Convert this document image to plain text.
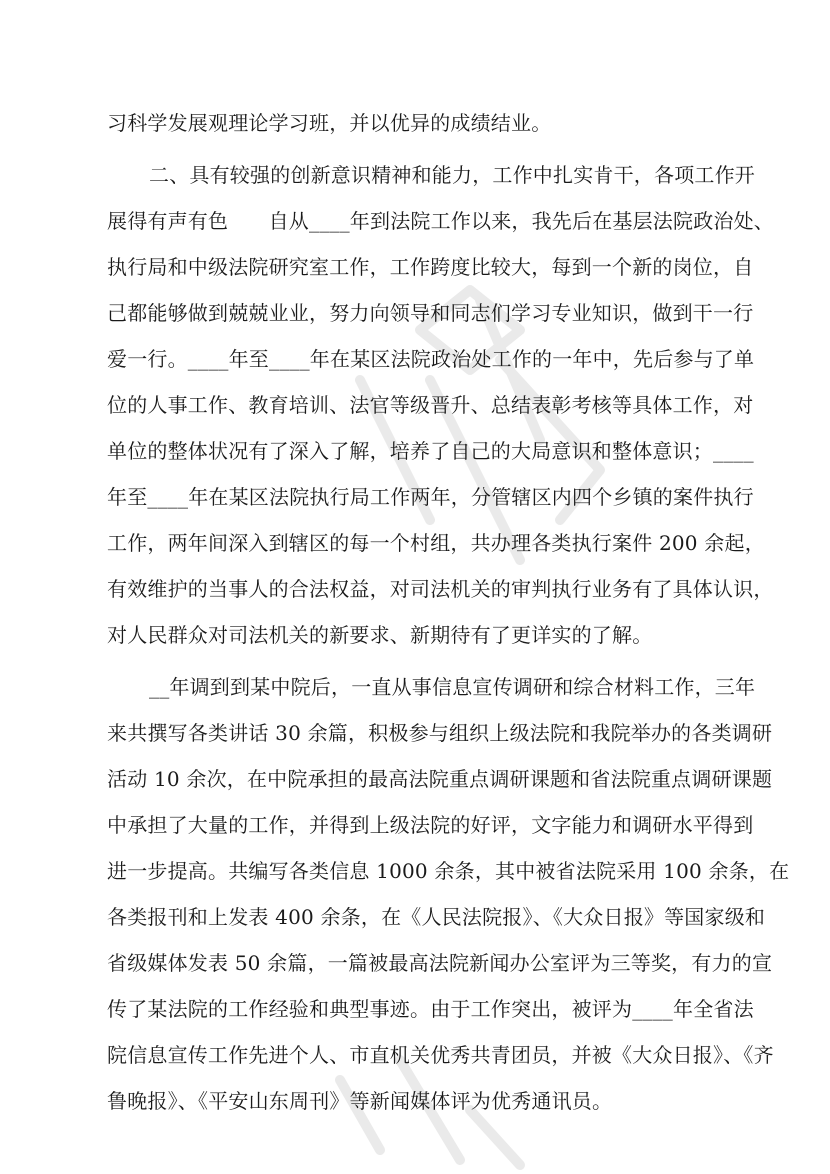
习科学发展观理论学习班，并以优异的成绩结业。
二、具有较强的创新意识精神和能力，工作中扎实肯干，各项工作开
展得有声有色　　自从____年到法院工作以来，我先后在基层法院政治处、
执行局和中级法院研究室工作，工作跨度比较大，每到一个新的岗位，自
己都能够做到兢兢业业，努力向领导和同志们学习专业知识，做到干一行
爱一行。____年至____年在某区法院政治处工作的一年中，先后参与了单
位的人事工作、教育培训、法官等级晋升、总结表彰考核等具体工作，对
单位的整体状况有了深入了解，培养了自己的大局意识和整体意识；____
年至____年在某区法院执行局工作两年，分管辖区内四个乡镇的案件执行
工作，两年间深入到辖区的每一个村组，共办理各类执行案件 200 余起，
有效维护的当事人的合法权益，对司法机关的审判执行业务有了具体认识，
对人民群众对司法机关的新要求、新期待有了更详实的了解。
__年调到到某中院后，一直从事信息宣传调研和综合材料工作，三年
来共撰写各类讲话 30 余篇，积极参与组织上级法院和我院举办的各类调研
活动 10 余次，在中院承担的最高法院重点调研课题和省法院重点调研课题
中承担了大量的工作，并得到上级法院的好评，文字能力和调研水平得到
进一步提高。共编写各类信息 1000 余条，其中被省法院采用 100 余条，在
各类报刊和上发表 400 余条，在《人民法院报》、《大众日报》等国家级和
省级媒体发表 50 余篇，一篇被最高法院新闻办公室评为三等奖，有力的宣
传了某法院的工作经验和典型事迹。由于工作突出，被评为____年全省法
院信息宣传工作先进个人、市直机关优秀共青团员，并被《大众日报》、《齐
鲁晚报》、《平安山东周刊》等新闻媒体评为优秀通讯员。
